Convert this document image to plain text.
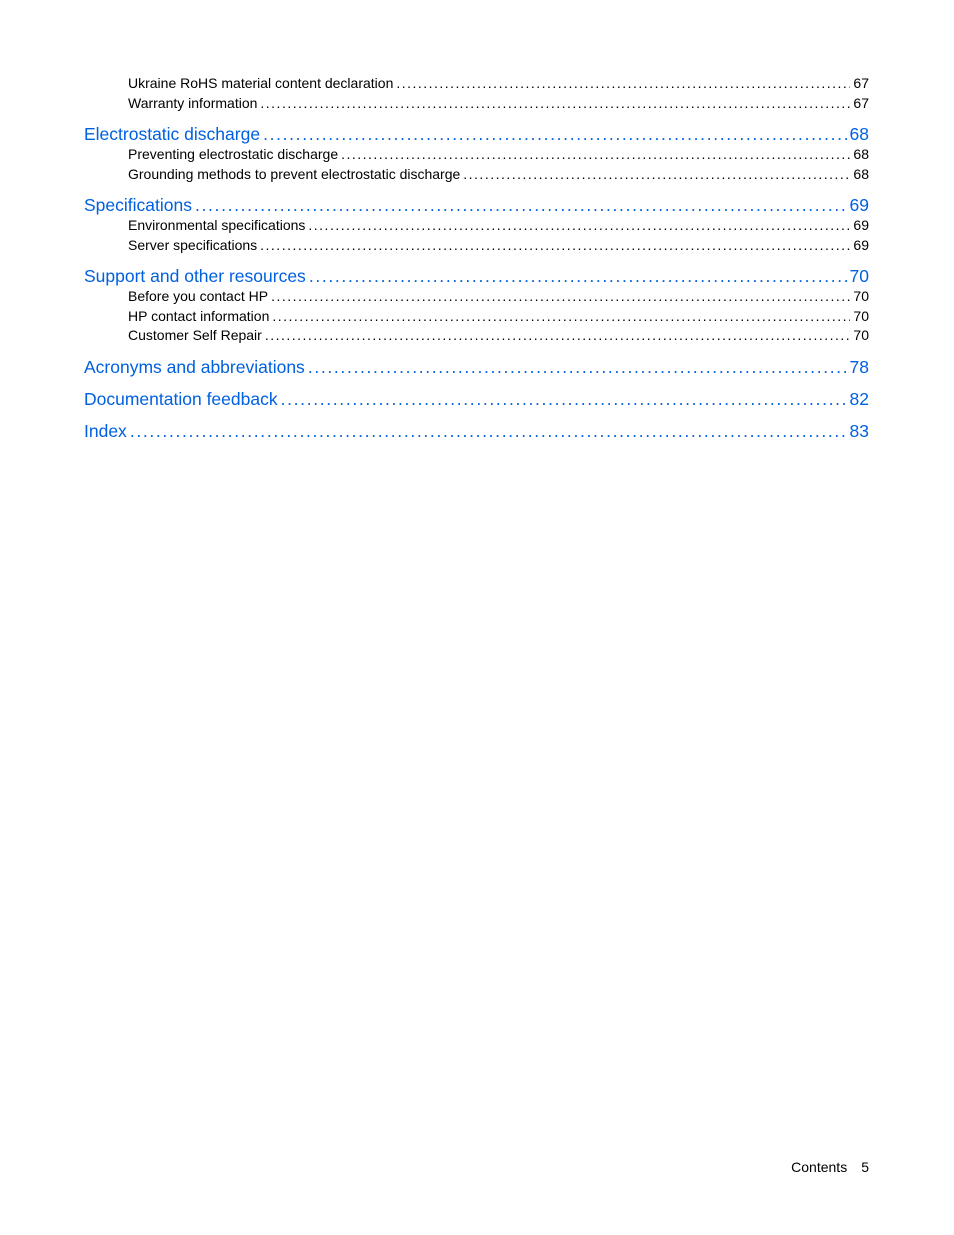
Ukraine RoHS material content declaration . . .	67
Warranty information . . .	67
Electrostatic discharge . . .	68
Preventing electrostatic discharge . . .	68
Grounding methods to prevent electrostatic discharge . . .	68
Specifications . . .	69
Environmental specifications . . .	69
Server specifications . . .	69
Support and other resources . . .	70
Before you contact HP . . .	70
HP contact information . . .	70
Customer Self Repair . . .	70
Acronyms and abbreviations . . .	78
Documentation feedback . . .	82
Index . . .	83
Contents 5
